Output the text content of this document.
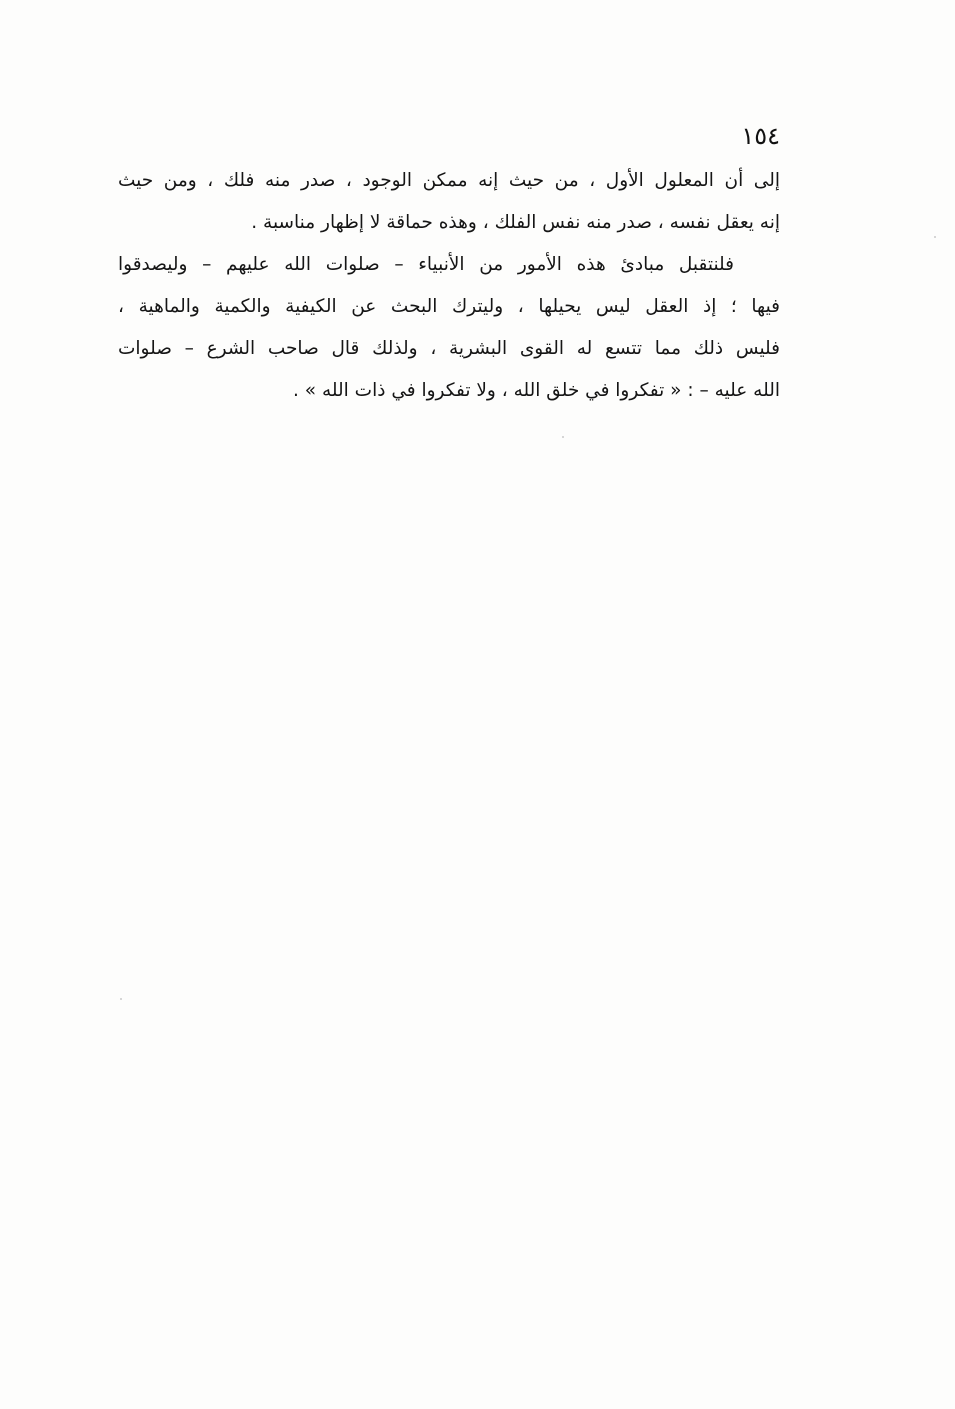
١٥٤
إلى أن المعلول الأول ، من حيث إنه ممكن الوجود ، صدر منه فلك ، ومن حيث
إنه يعقل نفسه ، صدر منه نفس الفلك ، وهذه حماقة لا إظهار مناسبة .
فلنتقبل مبادئ هذه الأمور من الأنبياء – صلوات الله عليهم – وليصدقوا
فيها ؛ إذ العقل ليس يحيلها ، وليترك البحث عن الكيفية والكمية والماهية ،
فليس ذلك مما تتسع له القوى البشرية ، ولذلك قال صاحب الشرع – صلوات
الله عليه – : « تفكروا في خلق الله ، ولا تفكروا في ذات الله » .
